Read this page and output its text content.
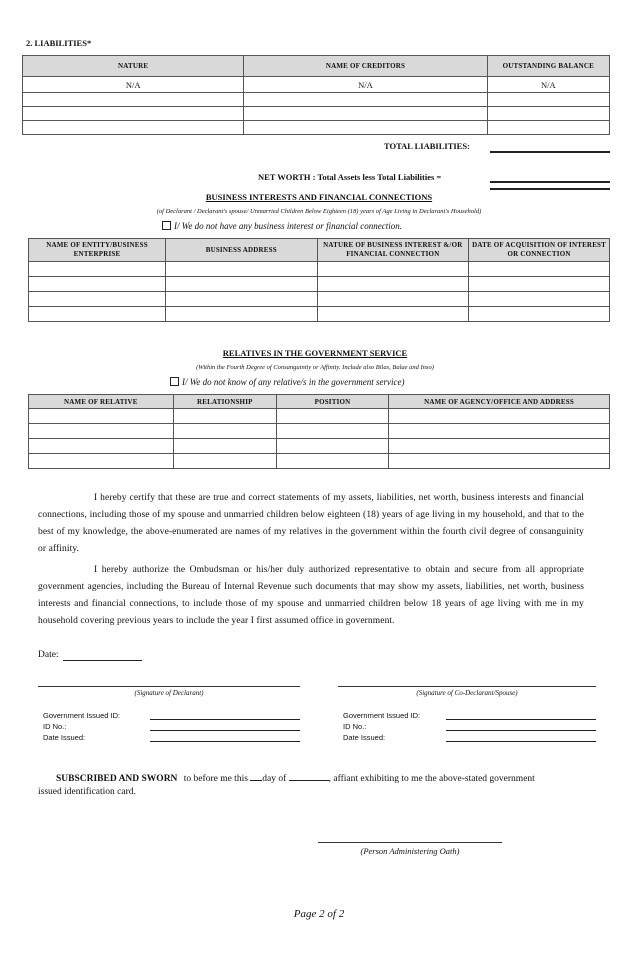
2. LIABILITIES*
NATURE	NAME OF CREDITORS	OUTSTANDING BALANCE
N/A	N/A	N/A

TOTAL LIABILITIES:
NET WORTH : Total Assets less Total Liabilities =
BUSINESS INTERESTS AND FINANCIAL CONNECTIONS
(of Declarant / Declarant's spouse/ Unmarried Children Below Eighteen (18) years of Age Living in Declarant's Household)
I/ We do not have any business interest or financial connection.
NAME OF ENTITY/BUSINESS ENTERPRISE	BUSINESS ADDRESS	NATURE OF BUSINESS INTEREST &/OR FINANCIAL CONNECTION	DATE OF ACQUISITION OF INTEREST OR CONNECTION

RELATIVES IN THE GOVERNMENT SERVICE
(Within the Fourth Degree of Consanguinity or Affinity. Include also Bilas, Balae and Inso)
I/ We do not know of any relative/s in the government service)
NAME OF RELATIVE	RELATIONSHIP	POSITION	NAME OF AGENCY/OFFICE AND ADDRESS

I hereby certify that these are true and correct statements of my assets, liabilities, net worth, business interests and financial connections, including those of my spouse and unmarried children below eighteen (18) years of age living in my household, and that to the best of my knowledge, the above-enumerated are names of my relatives in the government within the fourth civil degree of consanguinity or affinity.
I hereby authorize the Ombudsman or his/her duly authorized representative to obtain and secure from all appropriate government agencies, including the Bureau of Internal Revenue such documents that may show my assets, liabilities, net worth, business interests and financial connections, to include those of my spouse and unmarried children below 18 years of age living with me in my household covering previous years to include the year I first assumed office in government.
Date:
(Signature of Declarant)	(Signature of Co-Declarant/Spouse)
Government Issued ID:
ID No.:
Date Issued:
Government Issued ID:
ID No.:
Date Issued:
SUBSCRIBED AND SWORN to before me this day of	, affiant exhibiting to me the above-stated government
issued identification card.
(Person Administering Oath)
Page 2 of 2
